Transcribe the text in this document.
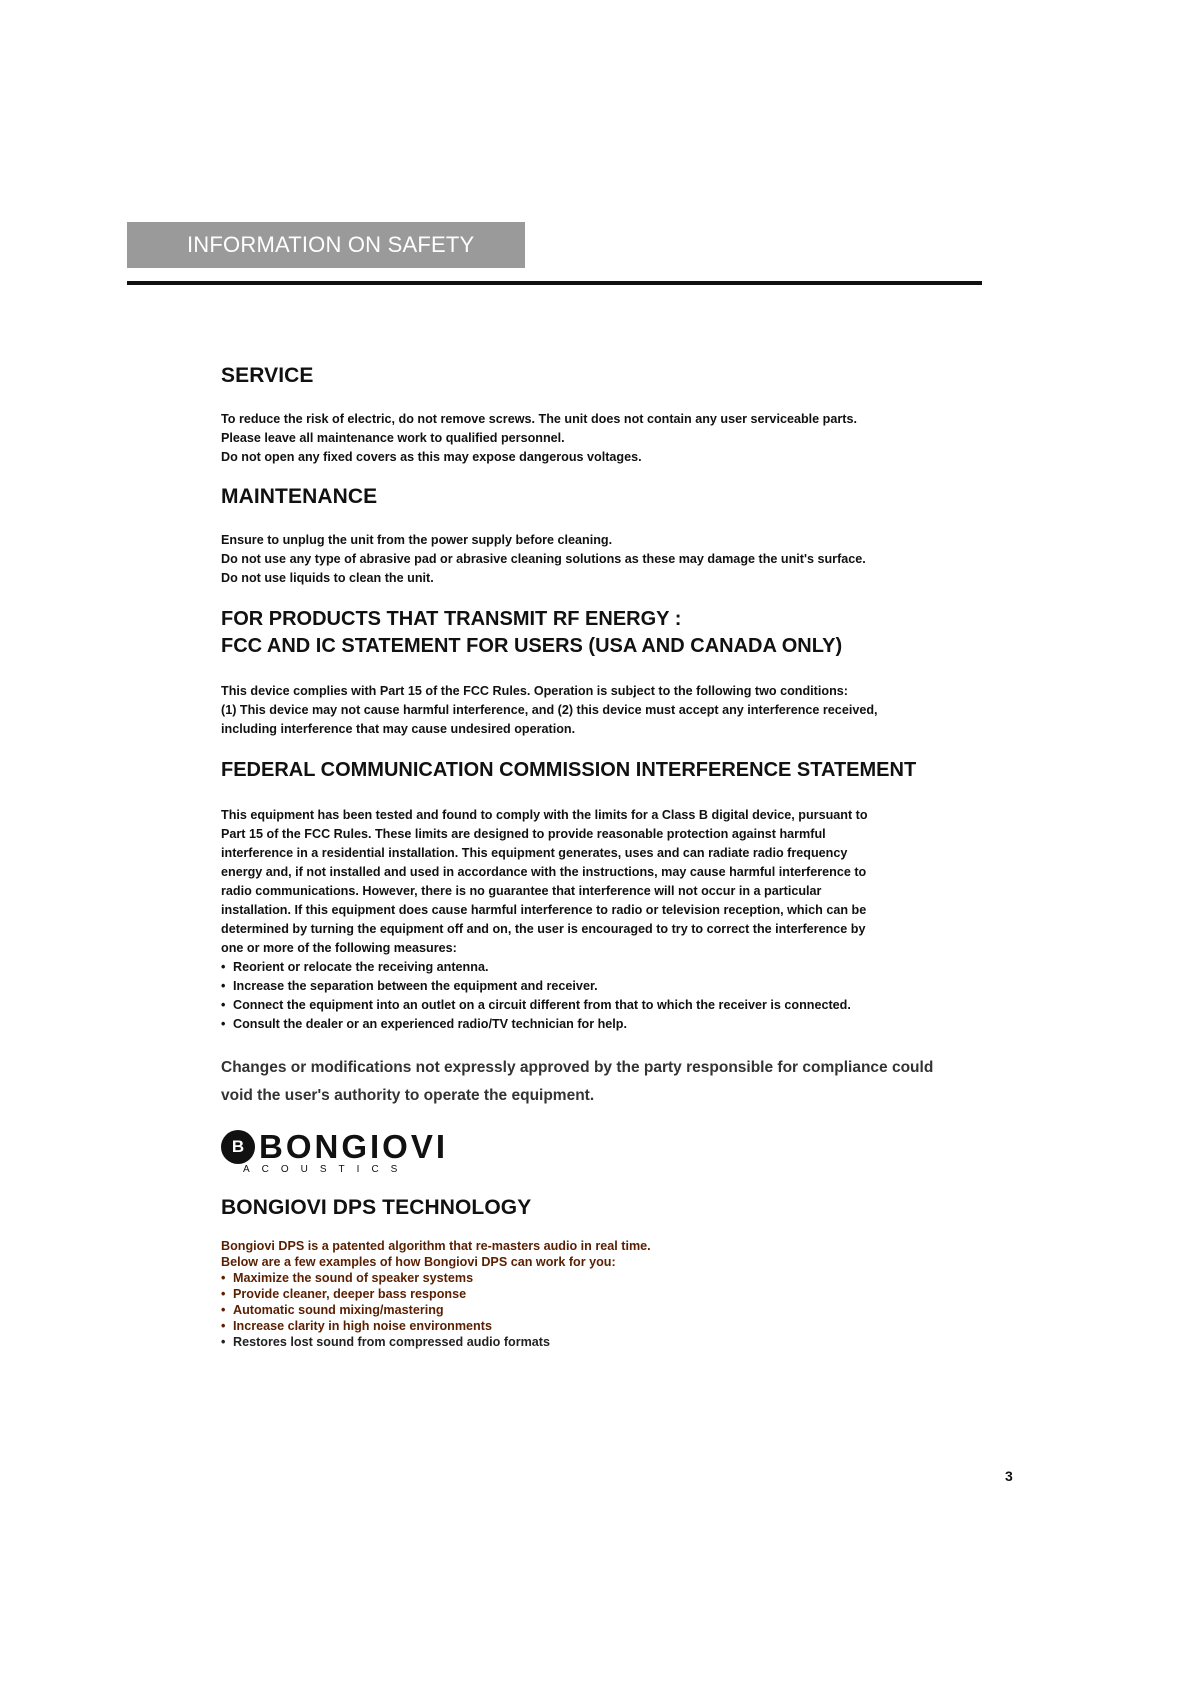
INFORMATION ON SAFETY
SERVICE
To reduce the risk of electric, do not remove screws. The unit does not contain any user serviceable parts.
Please leave all maintenance work to qualified personnel.
Do not open any fixed covers as this may expose dangerous voltages.
MAINTENANCE
Ensure to unplug the unit from the power supply before cleaning.
Do not use any type of abrasive pad or abrasive cleaning solutions as these may damage the unit's surface.
Do not use liquids to clean the unit.
FOR PRODUCTS THAT TRANSMIT RF ENERGY :
FCC AND IC STATEMENT FOR USERS (USA AND CANADA ONLY)
This device complies with Part 15 of the FCC Rules. Operation is subject to the following two conditions:
(1) This device may not cause harmful interference, and (2) this device must accept any interference received,
including interference that may cause undesired operation.
FEDERAL COMMUNICATION COMMISSION INTERFERENCE STATEMENT
This equipment has been tested and found to comply with the limits for a Class B digital device, pursuant to
Part 15 of the FCC Rules. These limits are designed to provide reasonable protection against harmful
interference in a residential installation. This equipment generates, uses and can radiate radio frequency
energy and, if not installed and used in accordance with the instructions, may cause harmful interference to
radio communications. However, there is no guarantee that interference will not occur in a particular
installation. If this equipment does cause harmful interference to radio or television reception, which can be
determined by turning the equipment off and on, the user is encouraged to try to correct the interference by
one or more of the following measures:
• Reorient or relocate the receiving antenna.
• Increase the separation between the equipment and receiver.
• Connect the equipment into an outlet on a circuit different from that to which the receiver is connected.
• Consult the dealer or an experienced radio/TV technician for help.
Changes or modifications not expressly approved by the party responsible for compliance could
void the user's authority to operate the equipment.
B BONGIOVI
ACOUSTICS
BONGIOVI DPS TECHNOLOGY
Bongiovi DPS is a patented algorithm that re-masters audio in real time.
Below are a few examples of how Bongiovi DPS can work for you:
• Maximize the sound of speaker systems
• Provide cleaner, deeper bass response
• Automatic sound mixing/mastering
• Increase clarity in high noise environments
• Restores lost sound from compressed audio formats
3
